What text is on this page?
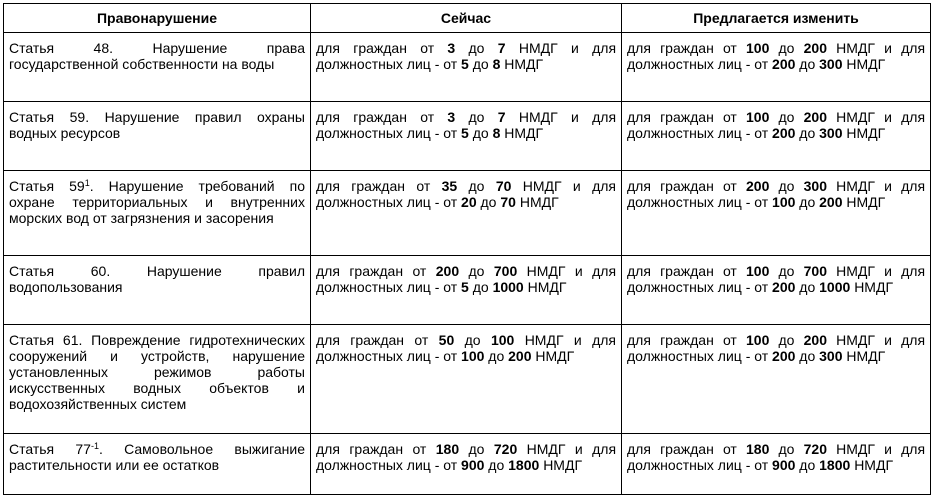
Правонарушение	Сейчас	Предлагается изменить
Статья 48. Нарушение права государственной собственности на воды	для граждан от 3 до 7 НМДГ и для должностных лиц - от 5 до 8 НМДГ	для граждан от 100 до 200 НМДГ и для должностных лиц - от 200 до 300 НМДГ
Статья 59. Нарушение правил охраны водных ресурсов	для граждан от 3 до 7 НМДГ и для должностных лиц - от 5 до 8 НМДГ	для граждан от 100 до 200 НМДГ и для должностных лиц - от 200 до 300 НМДГ
Статья $59^1$. Нарушение требований по охране территориальных и внутренних морских вод от загрязнения и засорения	для граждан от 35 до 70 НМДГ и для должностных лиц - от 20 до 70 НМДГ	для граждан от 200 до 300 НМДГ и для должностных лиц - от 100 до 200 НМДГ
Статья 60. Нарушение правил водопользования	для граждан от 200 до 700 НМДГ и для должностных лиц - от 5 до 1000 НМДГ	для граждан от 100 до 700 НМДГ и для должностных лиц - от 200 до 1000 НМДГ
Статья 61. Повреждение гидротехнических сооружений и устройств, нарушение установленных режимов работы искусственных водных объектов и водохозяйственных систем	для граждан от 50 до 100 НМДГ и для должностных лиц - от 100 до 200 НМДГ	для граждан от 100 до 200 НМДГ и для должностных лиц - от 200 до 300 НМДГ
Статья $77^{-1}$. Самовольное выжигание растительности или ее остатков	для граждан от 180 до 720 НМДГ и для должностных лиц - от 900 до 1800 НМДГ	для граждан от 180 до 720 НМДГ и для должностных лиц - от 900 до 1800 НМДГ
